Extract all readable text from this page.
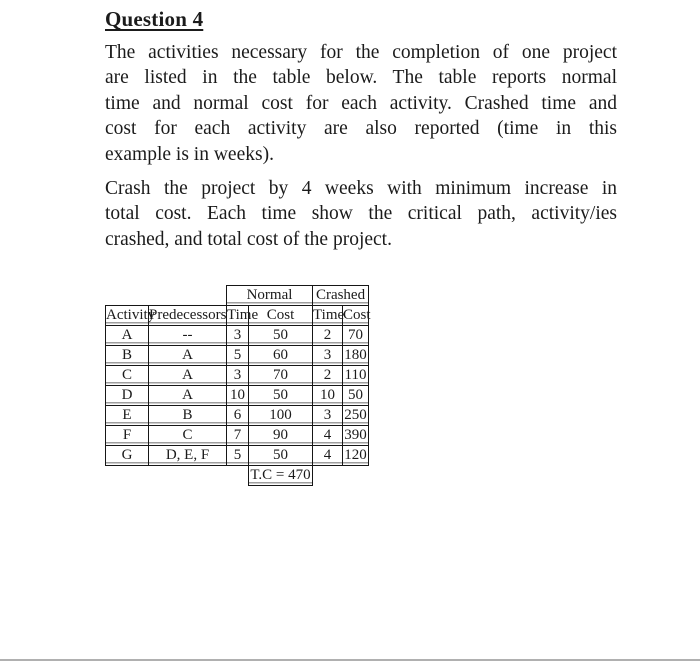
Question 4

The activities necessary for the completion of one project
are listed in the table below. The table reports normal
time and normal cost for each activity. Crashed time and
cost for each activity are also reported (time in this
example is in weeks).

Crash the project by 4 weeks with minimum increase in
total cost. Each time show the critical path, activity/ies
crashed, and total cost of the project.

		Normal		Crashed	
Activity	Predecessors	Time	Cost	Time	Cost
A	--	3	50	2	70
B	A	5	60	3	180
C	A	3	70	2	110
D	A	10	50	10	50
E	B	6	100	3	250
F	C	7	90	4	390
G	D, E, F	5	50	4	120
			T.C = 470		
